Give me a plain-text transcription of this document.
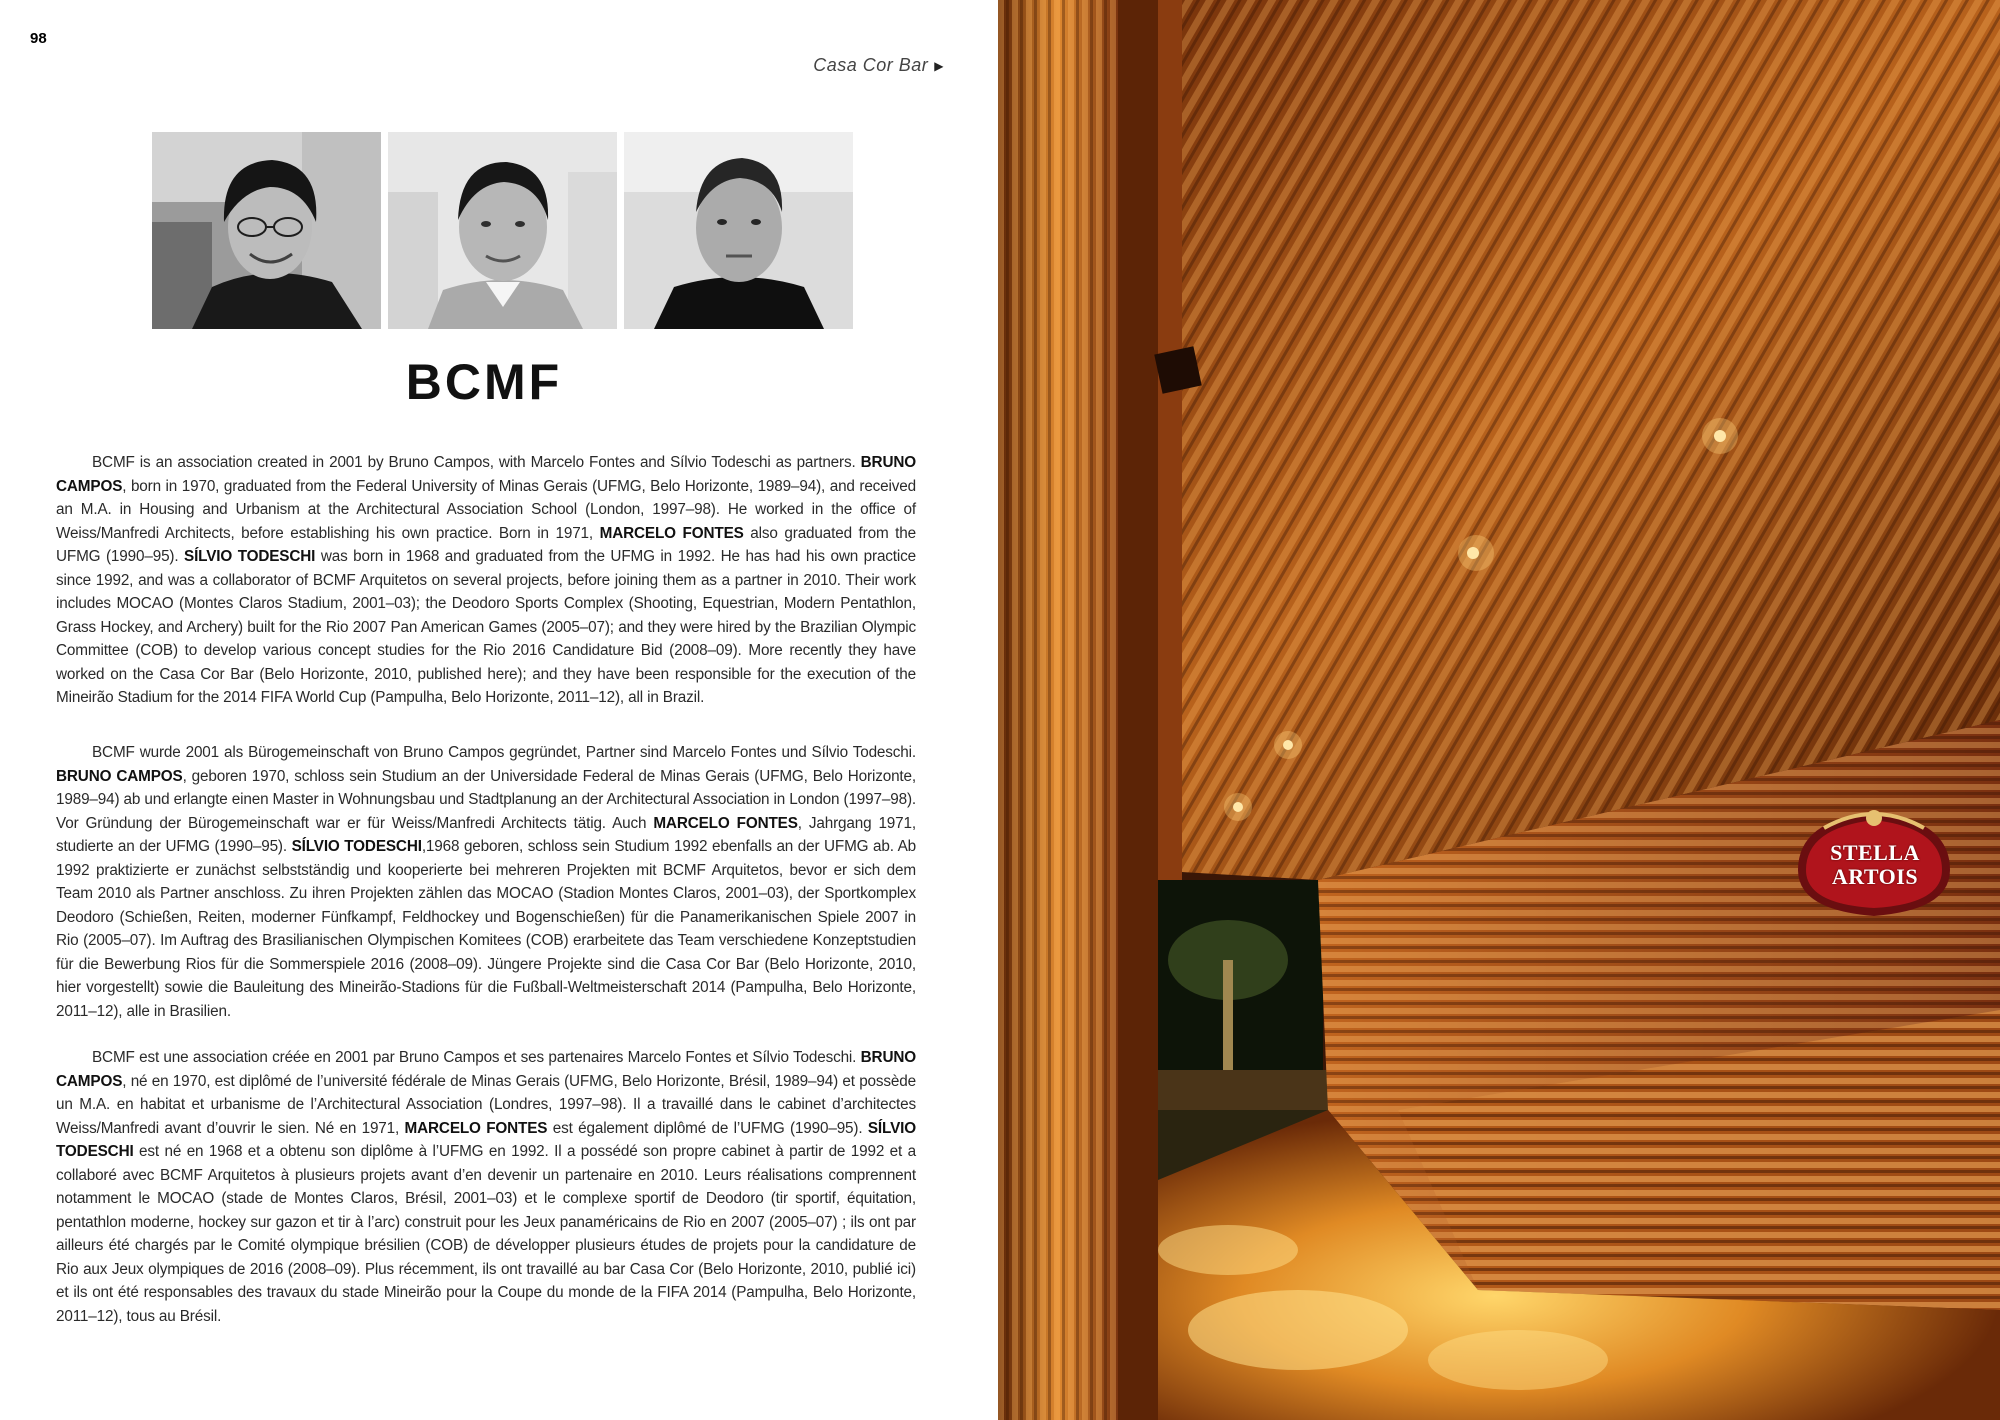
98
Casa Cor Bar ▶
BCMF

BCMF is an association created in 2001 by Bruno Campos, with Marcelo Fontes and Sílvio Todeschi as partners. BRUNO CAMPOS, born in 1970, graduated from the Federal University of Minas Gerais (UFMG, Belo Horizonte, 1989–94), and received an M.A. in Housing and Urbanism at the Architectural Association School (London, 1997–98). He worked in the office of Weiss/Manfredi Architects, before establishing his own practice. Born in 1971, MARCELO FONTES also graduated from the UFMG (1990–95). SÍLVIO TODESCHI was born in 1968 and graduated from the UFMG in 1992. He has had his own practice since 1992, and was a collaborator of BCMF Arquitetos on several projects, before joining them as a partner in 2010. Their work includes MOCAO (Montes Claros Stadium, 2001–03); the Deodoro Sports Complex (Shooting, Equestrian, Modern Pentathlon, Grass Hockey, and Archery) built for the Rio 2007 Pan American Games (2005–07); and they were hired by the Brazilian Olympic Committee (COB) to develop various concept studies for the Rio 2016 Candidature Bid (2008–09). More recently they have worked on the Casa Cor Bar (Belo Horizonte, 2010, published here); and they have been responsible for the execution of the Mineirão Stadium for the 2014 FIFA World Cup (Pampulha, Belo Horizonte, 2011–12), all in Brazil.

BCMF wurde 2001 als Bürogemeinschaft von Bruno Campos gegründet, Partner sind Marcelo Fontes und Sílvio Todeschi. BRUNO CAMPOS, geboren 1970, schloss sein Studium an der Universidade Federal de Minas Gerais (UFMG, Belo Horizonte, 1989–94) ab und erlangte einen Master in Wohnungsbau und Stadtplanung an der Architectural Association in London (1997–98). Vor Gründung der Bürogemeinschaft war er für Weiss/Manfredi Architects tätig. Auch MARCELO FONTES, Jahrgang 1971, studierte an der UFMG (1990–95). SÍLVIO TODESCHI,1968 geboren, schloss sein Studium 1992 ebenfalls an der UFMG ab. Ab 1992 praktizierte er zunächst selbstständig und kooperierte bei mehreren Projekten mit BCMF Arquitetos, bevor er sich dem Team 2010 als Partner anschloss. Zu ihren Projekten zählen das MOCAO (Stadion Montes Claros, 2001–03), der Sportkomplex Deodoro (Schießen, Reiten, moderner Fünfkampf, Feldhockey und Bogenschießen) für die Panamerikanischen Spiele 2007 in Rio (2005–07). Im Auftrag des Brasilianischen Olympischen Komitees (COB) erarbeitete das Team verschiedene Konzeptstudien für die Bewerbung Rios für die Sommerspiele 2016 (2008–09). Jüngere Projekte sind die Casa Cor Bar (Belo Horizonte, 2010, hier vorgestellt) sowie die Bauleitung des Mineirão-Stadions für die Fußball-Weltmeisterschaft 2014 (Pampulha, Belo Horizonte, 2011–12), alle in Brasilien.

BCMF est une association créée en 2001 par Bruno Campos et ses partenaires Marcelo Fontes et Sílvio Todeschi. BRUNO CAMPOS, né en 1970, est diplômé de l’université fédérale de Minas Gerais (UFMG, Belo Horizonte, Brésil, 1989–94) et possède un M.A. en habitat et urbanisme de l’Architectural Association (Londres, 1997–98). Il a travaillé dans le cabinet d’architectes Weiss/Manfredi avant d’ouvrir le sien. Né en 1971, MARCELO FONTES est également diplômé de l’UFMG (1990–95). SÍLVIO TODESCHI est né en 1968 et a obtenu son diplôme à l’UFMG en 1992. Il a possédé son propre cabinet à partir de 1992 et a collaboré avec BCMF Arquitetos à plusieurs projets avant d’en devenir un partenaire en 2010. Leurs réalisations comprennent notamment le MOCAO (stade de Montes Claros, Brésil, 2001–03) et le complexe sportif de Deodoro (tir sportif, équitation, pentathlon moderne, hockey sur gazon et tir à l’arc) construit pour les Jeux panaméricains de Rio en 2007 (2005–07) ; ils ont par ailleurs été chargés par le Comité olympique brésilien (COB) de développer plusieurs études de projets pour la candidature de Rio aux Jeux olympiques de 2016 (2008–09). Plus récemment, ils ont travaillé au bar Casa Cor (Belo Horizonte, 2010, publié ici) et ils ont été responsables des travaux du stade Mineirão pour la Coupe du monde de la FIFA 2014 (Pampulha, Belo Horizonte, 2011–12), tous au Brésil.

STELLA
ARTOIS
